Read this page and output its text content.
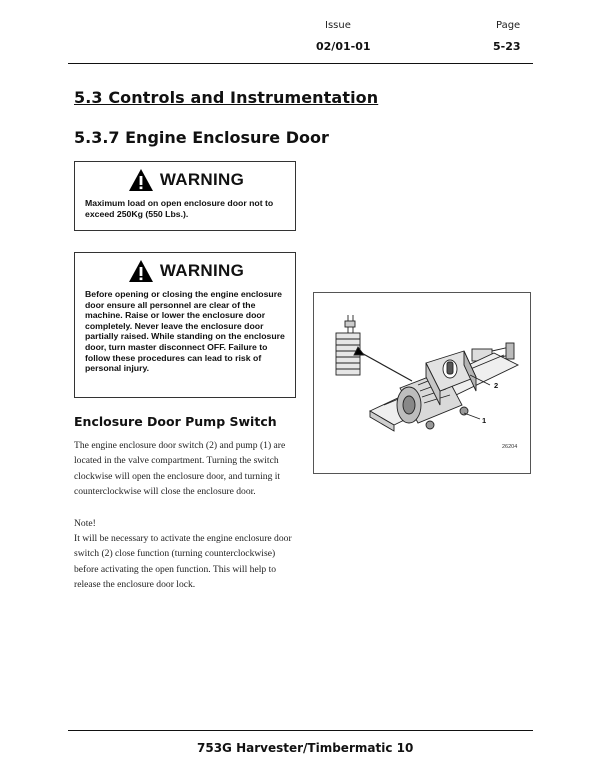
Issue	Page
02/01-01	5-23
5.3 Controls and Instrumentation
5.3.7 Engine Enclosure Door
WARNING
Maximum load on open enclosure door not to exceed 250Kg (550 Lbs.).
WARNING
Before opening or closing the engine enclosure door ensure all personnel are clear of the machine. Raise or lower the enclosure door completely. Never leave the enclosure door partially raised. While standing on the enclosure door, turn master disconnect OFF. Failure to follow these procedures can lead to risk of personal injury.
Enclosure Door Pump Switch
The engine enclosure door switch (2) and pump (1) are located in the valve compartment. Turning the switch clockwise will open the enclosure door, and turning it counterclockwise will close the enclosure door.
Note!
It will be necessary to activate the engine enclosure door switch (2) close function (turning counterclockwise) before activating the open function. This will help to release the enclosure door lock.
2
1
26204
753G Harvester/Timbermatic 10
